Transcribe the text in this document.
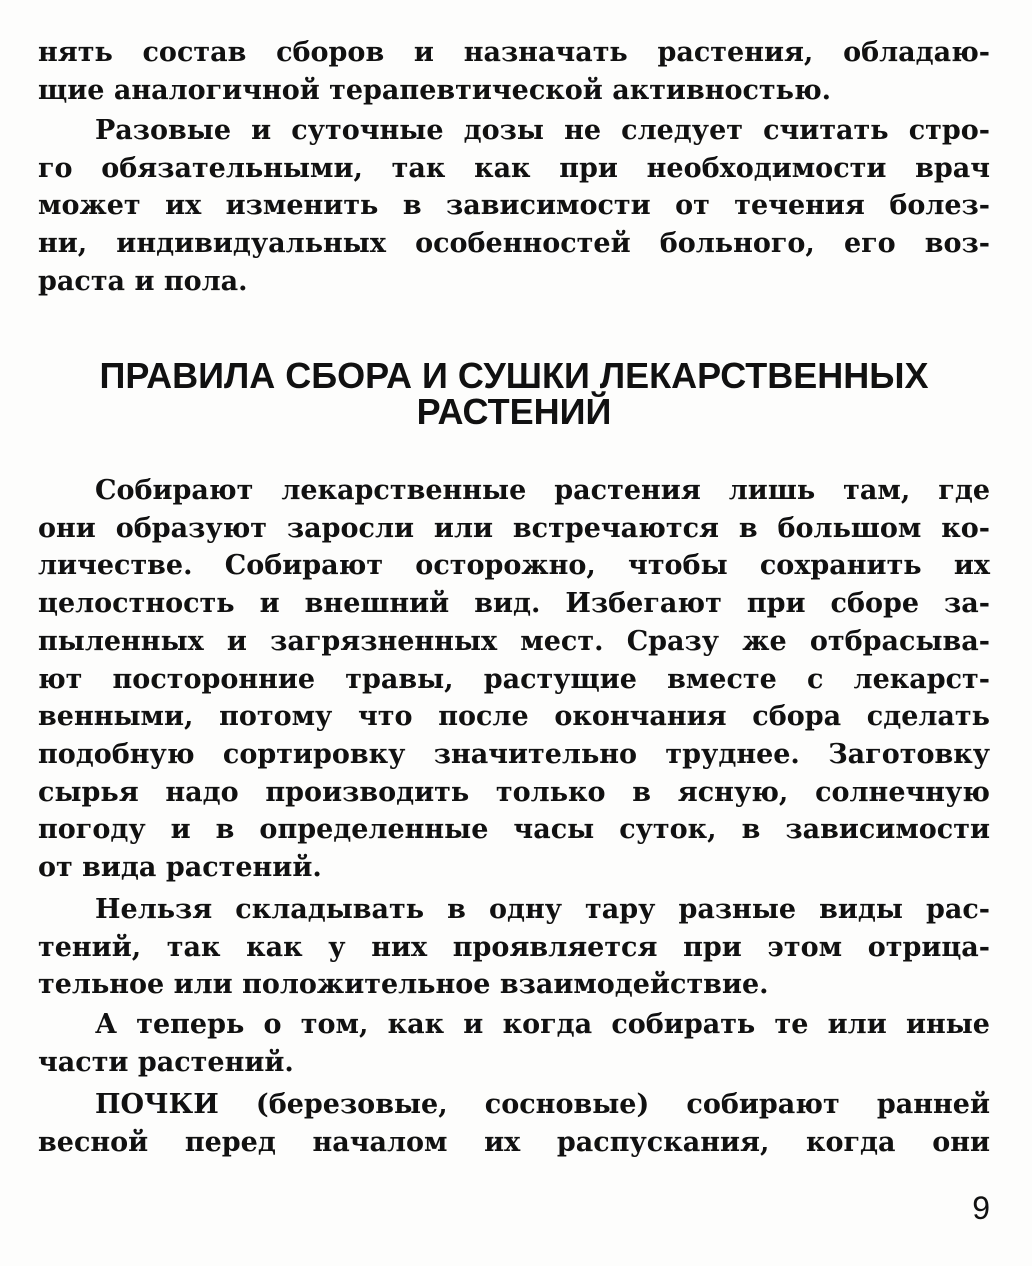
нять состав сборов и назначать растения, обладаю-
щие аналогичной терапевтической активностью.
Разовые и суточные дозы не следует считать стро-
го обязательными, так как при необходимости врач
может их изменить в зависимости от течения болез-
ни, индивидуальных особенностей больного, его воз-
раста и пола.
ПРАВИЛА СБОРА И СУШКИ ЛЕКАРСТВЕННЫХ
РАСТЕНИЙ
Собирают лекарственные растения лишь там, где
они образуют заросли или встречаются в большом ко-
личестве. Собирают осторожно, чтобы сохранить их
целостность и внешний вид. Избегают при сборе за-
пыленных и загрязненных мест. Сразу же отбрасыва-
ют посторонние травы, растущие вместе с лекарст-
венными, потому что после окончания сбора сделать
подобную сортировку значительно труднее. Заготовку
сырья надо производить только в ясную, солнечную
погоду и в определенные часы суток, в зависимости
от вида растений.
Нельзя складывать в одну тару разные виды рас-
тений, так как у них проявляется при этом отрица-
тельное или положительное взаимодействие.
А теперь о том, как и когда собирать те или иные
части растений.
ПОЧКИ (березовые, сосновые) собирают ранней
весной перед началом их распускания, когда они
9
